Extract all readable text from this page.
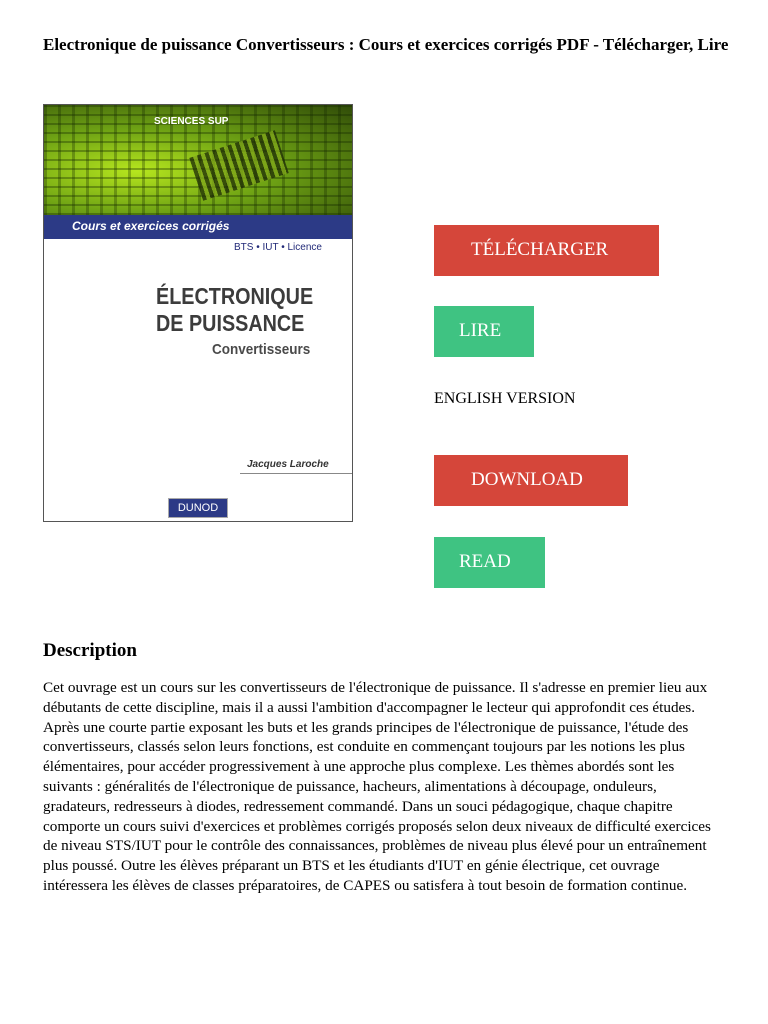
Electronique de puissance Convertisseurs : Cours et exercices corrigés PDF - Télécharger, Lire
SCIENCES SUP
Cours et exercices corrigés
BTS • IUT • Licence
ÉLECTRONIQUE
DE PUISSANCE
Convertisseurs
Jacques Laroche
DUNOD
TÉLÉCHARGER
LIRE
ENGLISH VERSION
DOWNLOAD
READ
Description
Cet ouvrage est un cours sur les convertisseurs de l'électronique de puissance. Il s'adresse en premier lieu aux débutants de cette discipline, mais il a aussi l'ambition d'accompagner le lecteur qui approfondit ces études. Après une courte partie exposant les buts et les grands principes de l'électronique de puissance, l'étude des convertisseurs, classés selon leurs fonctions, est conduite en commençant toujours par les notions les plus élémentaires, pour accéder progressivement à une approche plus complexe. Les thèmes abordés sont les suivants : généralités de l'électronique de puissance, hacheurs, alimentations à découpage, onduleurs, gradateurs, redresseurs à diodes, redressement commandé. Dans un souci pédagogique, chaque chapitre comporte un cours suivi d'exercices et problèmes corrigés proposés selon deux niveaux de difficulté exercices de niveau STS/IUT pour le contrôle des connaissances, problèmes de niveau plus élevé pour un entraînement plus poussé. Outre les élèves préparant un BTS et les étudiants d'IUT en génie électrique, cet ouvrage intéressera les élèves de classes préparatoires, de CAPES ou satisfera à tout besoin de formation continue.
